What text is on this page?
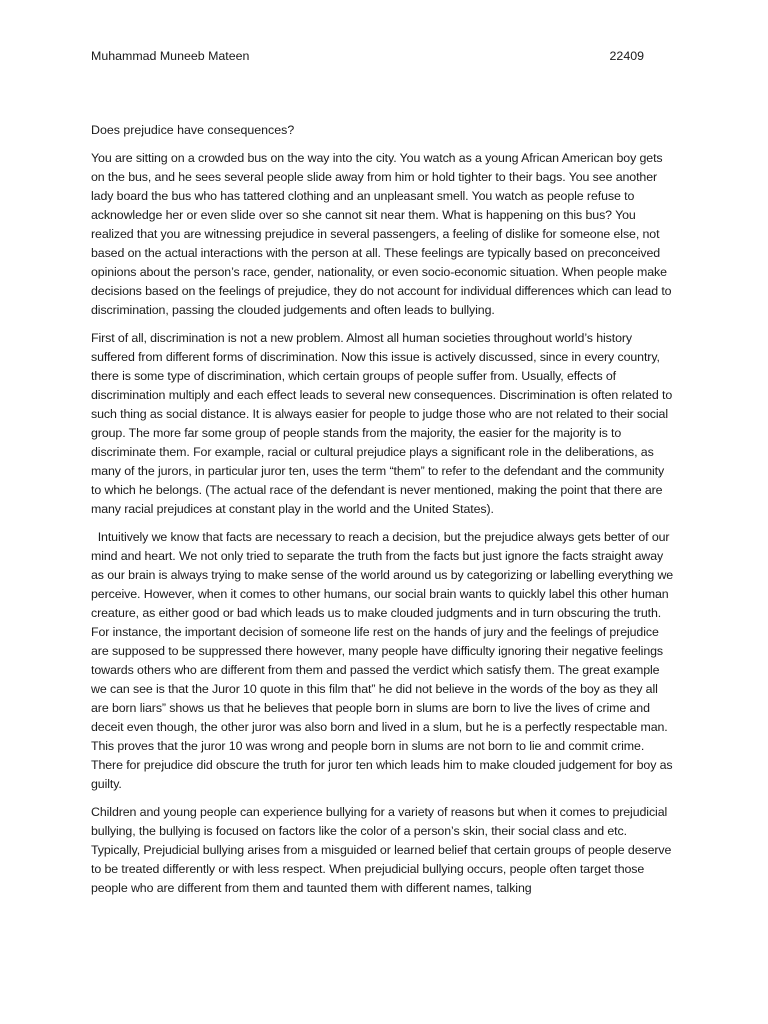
Muhammad Muneeb Mateen	22409

Does prejudice have consequences?

You are sitting on a crowded bus on the way into the city. You watch as a young African American boy gets on the bus, and he sees several people slide away from him or hold tighter to their bags. You see another lady board the bus who has tattered clothing and an unpleasant smell. You watch as people refuse to acknowledge her or even slide over so she cannot sit near them. What is happening on this bus? You realized that you are witnessing prejudice in several passengers, a feeling of dislike for someone else, not based on the actual interactions with the person at all. These feelings are typically based on preconceived opinions about the person’s race, gender, nationality, or even socio-economic situation. When people make decisions based on the feelings of prejudice, they do not account for individual differences which can lead to discrimination, passing the clouded judgements and often leads to bullying.

First of all, discrimination is not a new problem. Almost all human societies throughout world’s history suffered from different forms of discrimination. Now this issue is actively discussed, since in every country, there is some type of discrimination, which certain groups of people suffer from. Usually, effects of discrimination multiply and each effect leads to several new consequences. Discrimination is often related to such thing as social distance. It is always easier for people to judge those who are not related to their social group. The more far some group of people stands from the majority, the easier for the majority is to discriminate them. For example, racial or cultural prejudice plays a significant role in the deliberations, as many of the jurors, in particular juror ten, uses the term “them” to refer to the defendant and the community to which he belongs. (The actual race of the defendant is never mentioned, making the point that there are many racial prejudices at constant play in the world and the United States).

Intuitively we know that facts are necessary to reach a decision, but the prejudice always gets better of our mind and heart. We not only tried to separate the truth from the facts but just ignore the facts straight away as our brain is always trying to make sense of the world around us by categorizing or labelling everything we perceive. However, when it comes to other humans, our social brain wants to quickly label this other human creature, as either good or bad which leads us to make clouded judgments and in turn obscuring the truth. For instance, the important decision of someone life rest on the hands of jury and the feelings of prejudice are supposed to be suppressed there however, many people have difficulty ignoring their negative feelings towards others who are different from them and passed the verdict which satisfy them. The great example we can see is that the Juror 10 quote in this film that” he did not believe in the words of the boy as they all are born liars” shows us that he believes that people born in slums are born to live the lives of crime and deceit even though, the other juror was also born and lived in a slum, but he is a perfectly respectable man. This proves that the juror 10 was wrong and people born in slums are not born to lie and commit crime. There for prejudice did obscure the truth for juror ten which leads him to make clouded judgement for boy as guilty.

Children and young people can experience bullying for a variety of reasons but when it comes to prejudicial bullying, the bullying is focused on factors like the color of a person’s skin, their social class and etc. Typically, Prejudicial bullying arises from a misguided or learned belief that certain groups of people deserve to be treated differently or with less respect. When prejudicial bullying occurs, people often target those people who are different from them and taunted them with different names, talking
